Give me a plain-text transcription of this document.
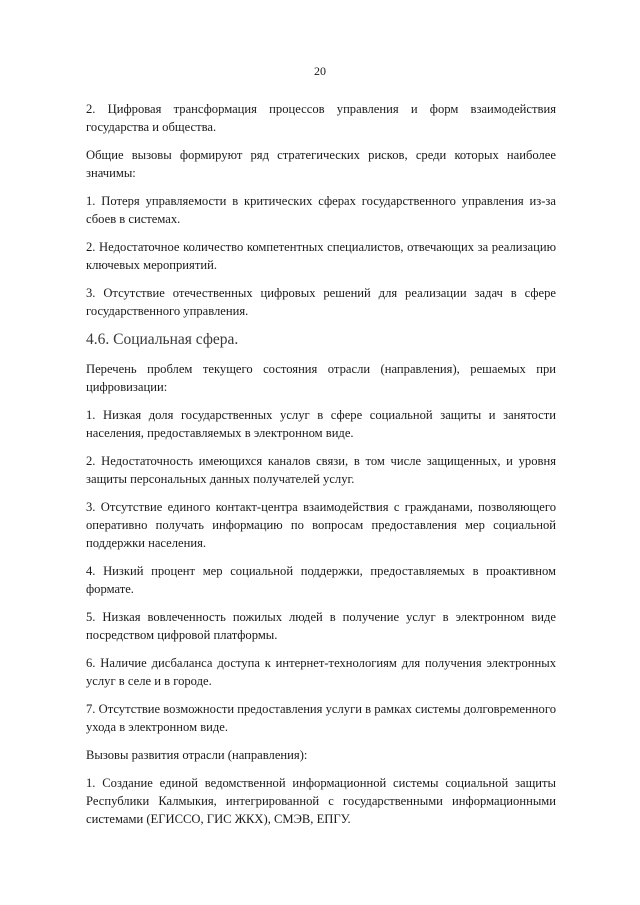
20

2. Цифровая трансформация процессов управления и форм взаимодействия государства и общества.

Общие вызовы формируют ряд стратегических рисков, среди которых наиболее значимы:

1. Потеря управляемости в критических сферах государственного управления из-за сбоев в системах.

2. Недостаточное количество компетентных специалистов, отвечающих за реализацию ключевых мероприятий.

3. Отсутствие отечественных цифровых решений для реализации задач в сфере государственного управления.

4.6. Социальная сфера.

Перечень проблем текущего состояния отрасли (направления), решаемых при цифровизации:

1. Низкая доля государственных услуг в сфере социальной защиты и занятости населения, предоставляемых в электронном виде.

2. Недостаточность имеющихся каналов связи, в том числе защищенных, и уровня защиты персональных данных получателей услуг.

3. Отсутствие единого контакт-центра взаимодействия с гражданами, позволяющего оперативно получать информацию по вопросам предоставления мер социальной поддержки населения.

4. Низкий процент мер социальной поддержки, предоставляемых в проактивном формате.

5. Низкая вовлеченность пожилых людей в получение услуг в электронном виде посредством цифровой платформы.

6. Наличие дисбаланса доступа к интернет-технологиям для получения электронных услуг в селе и в городе.

7. Отсутствие возможности предоставления услуги в рамках системы долговременного ухода в электронном виде.

Вызовы развития отрасли (направления):

1. Создание единой ведомственной информационной системы социальной защиты Республики Калмыкия, интегрированной с государственными информационными системами (ЕГИССО, ГИС ЖКХ), СМЭВ, ЕПГУ.
